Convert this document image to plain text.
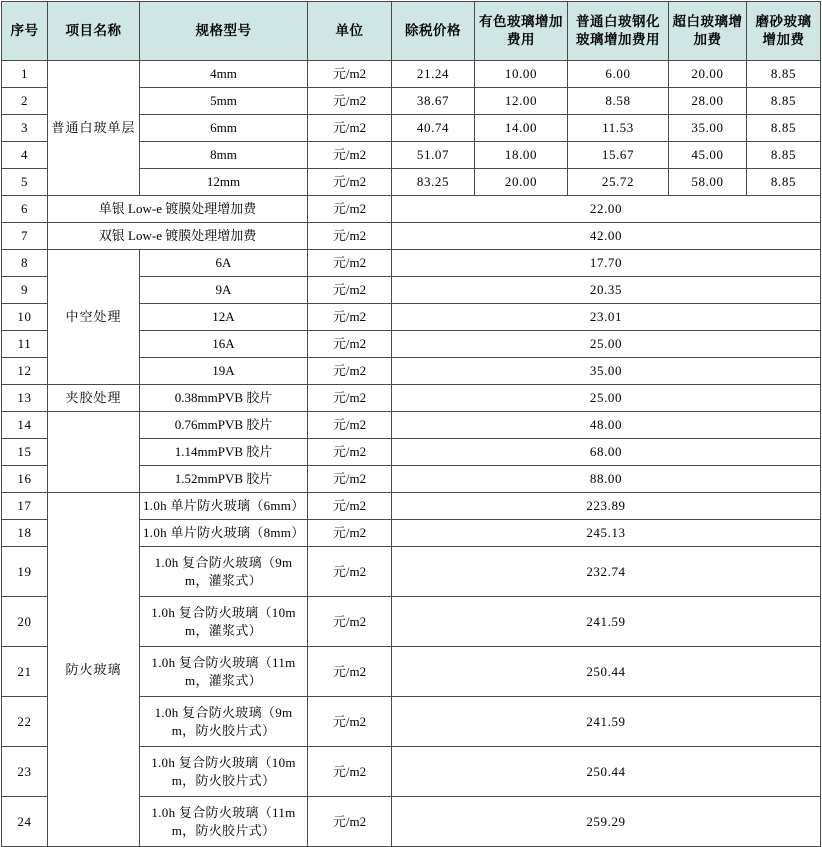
序号	项目名称	规格型号	单位	除税价格	有色玻璃增加费用	普通白玻钢化玻璃增加费用	超白玻璃增加费	磨砂玻璃增加费
1	普通白玻单层	4mm	元/m2	21.24	10.00	6.00	20.00	8.85
2		5mm	元/m2	38.67	12.00	8.58	28.00	8.85
3		6mm	元/m2	40.74	14.00	11.53	35.00	8.85
4		8mm	元/m2	51.07	18.00	15.67	45.00	8.85
5		12mm	元/m2	83.25	20.00	25.72	58.00	8.85
6	单银 Low-e 镀膜处理增加费		元/m2	22.00				
7	双银 Low-e 镀膜处理增加费		元/m2	42.00				
8	中空处理	6A	元/m2	17.70				
9		9A	元/m2	20.35				
10		12A	元/m2	23.01				
11		16A	元/m2	25.00				
12		19A	元/m2	35.00				
13	夹胶处理	0.38mmPVB 胶片	元/m2	25.00				
14		0.76mmPVB 胶片	元/m2	48.00				
15		1.14mmPVB 胶片	元/m2	68.00				
16		1.52mmPVB 胶片	元/m2	88.00				
17	防火玻璃	1.0h 单片防火玻璃（6mm）	元/m2	223.89				
18		1.0h 单片防火玻璃（8mm）	元/m2	245.13				
19		1.0h 复合防火玻璃（9mm，灌浆式）	元/m2	232.74				
20		1.0h 复合防火玻璃（10mm，灌浆式）	元/m2	241.59				
21		1.0h 复合防火玻璃（11mm，灌浆式）	元/m2	250.44				
22		1.0h 复合防火玻璃（9mm，防火胶片式）	元/m2	241.59				
23		1.0h 复合防火玻璃（10mm，防火胶片式）	元/m2	250.44				
24		1.0h 复合防火玻璃（11mm，防火胶片式）	元/m2	259.29				
